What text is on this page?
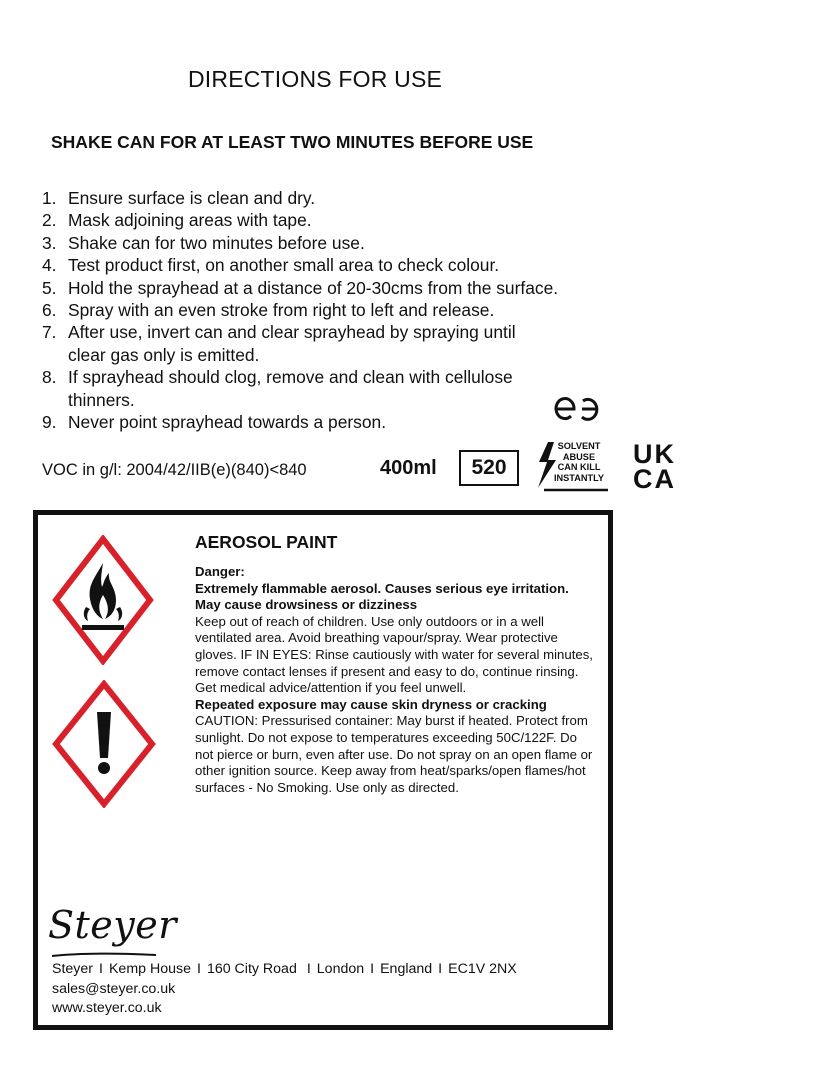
DIRECTIONS FOR USE
SHAKE CAN FOR AT LEAST TWO MINUTES BEFORE USE
1. Ensure surface is clean and dry.
2. Mask adjoining areas with tape.
3. Shake can for two minutes before use.
4. Test product first, on another small area to check colour.
5. Hold the sprayhead at a distance of 20-30cms from the surface.
6. Spray with an even stroke from right to left and release.
7. After use, invert can and clear sprayhead by spraying until clear gas only is emitted.
8. If sprayhead should clog, remove and clean with cellulose thinners.
9. Never point sprayhead towards a person.
VOC in g/l: 2004/42/IIB(e)(840)<840	400ml 520
SOLVENT
ABUSE
CAN KILL
INSTANTLY
UK
CA
AEROSOL PAINT
Danger:
Extremely flammable aerosol. Causes serious eye irritation.
May cause drowsiness or dizziness
Keep out of reach of children. Use only outdoors or in a well ventilated area. Avoid breathing vapour/spray. Wear protective gloves. IF IN EYES: Rinse cautiously with water for several minutes, remove contact lenses if present and easy to do, continue rinsing. Get medical advice/attention if you feel unwell.
Repeated exposure may cause skin dryness or cracking
CAUTION: Pressurised container: May burst if heated. Protect from sunlight. Do not expose to temperatures exceeding 50C/122F. Do not pierce or burn, even after use. Do not spray on an open flame or other ignition source. Keep away from heat/sparks/open flames/hot surfaces - No Smoking. Use only as directed.
Steyer
Steyer I Kemp House I 160 City Road I London I England I EC1V 2NX
sales@steyer.co.uk
www.steyer.co.uk
